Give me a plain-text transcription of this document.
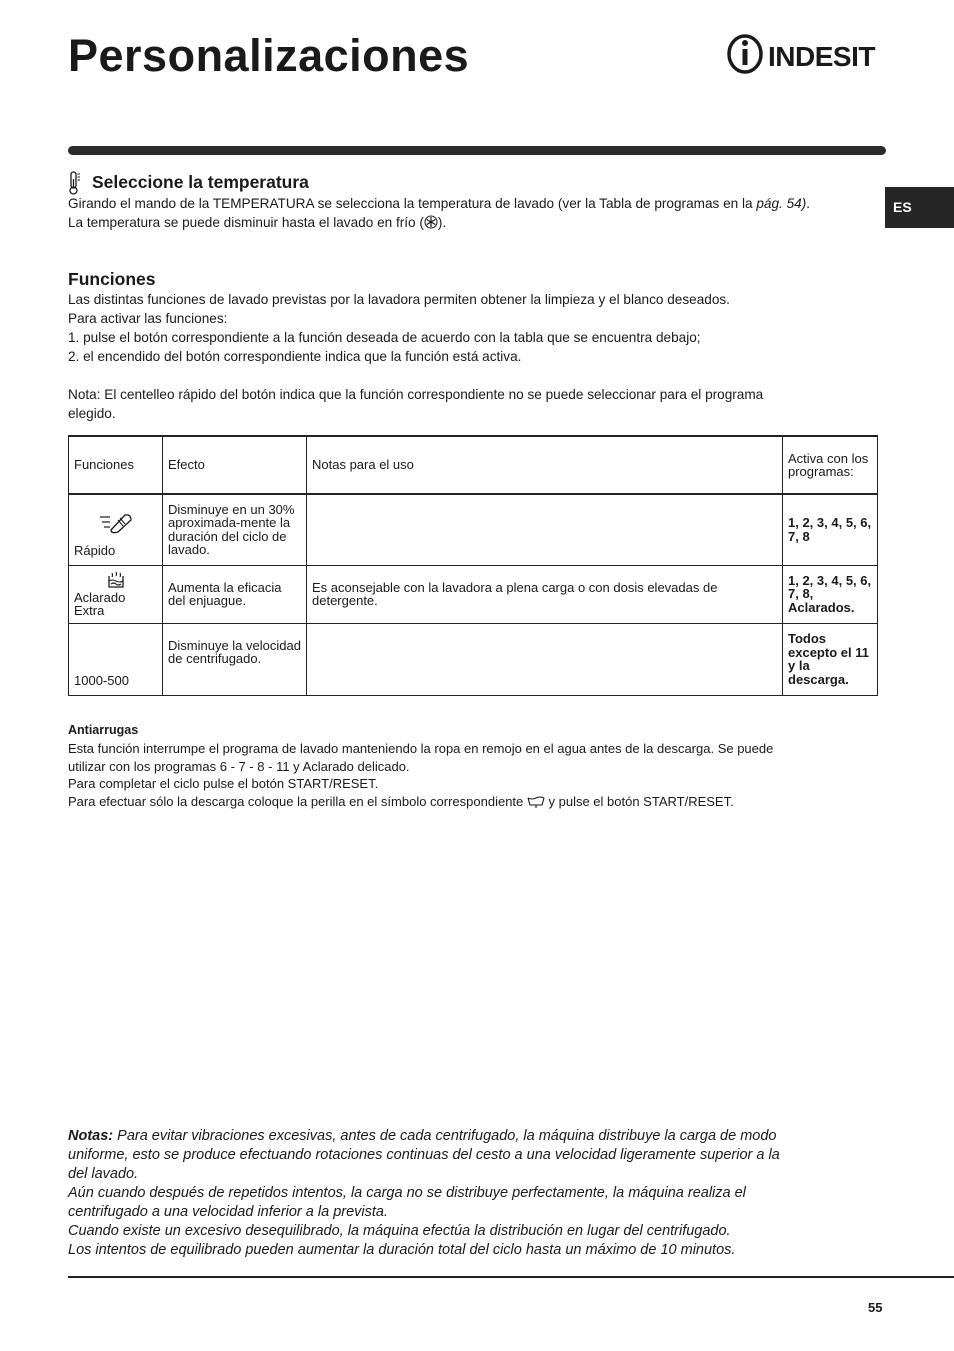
Personalizaciones	INDESIT
ES
Seleccione la temperatura
Girando el mando de la TEMPERATURA se selecciona la temperatura de lavado (ver la Tabla de programas en la pág. 54).
La temperatura se puede disminuir hasta el lavado en frío ( ).
Funciones
Las distintas funciones de lavado previstas por la lavadora permiten obtener la limpieza y el blanco deseados.
Para activar las funciones:
1. pulse el botón correspondiente a la función deseada de acuerdo con la tabla que se encuentra debajo;
2. el encendido del botón correspondiente indica que la función está activa.
Nota: El centelleo rápido del botón indica que la función correspondiente no se puede seleccionar para el programa
elegido.
Funciones	Efecto	Notas para el uso	Activa con los programas:

Rápido	Disminuye en un 30% aproximada-mente la duración del ciclo de lavado.		1, 2, 3, 4, 5, 6, 7, 8

Aclarado Extra	Aumenta la eficacia del enjuague.	Es aconsejable con la lavadora a plena carga o con dosis elevadas de detergente.	1, 2, 3, 4, 5, 6, 7, 8, Aclarados.

1000-500	Disminuye la velocidad de centrifugado.		Todos excepto el 11 y la descarga.
Antiarrugas
Esta función interrumpe el programa de lavado manteniendo la ropa en remojo en el agua antes de la descarga. Se puede
utilizar con los programas 6 - 7 - 8 - 11 y Aclarado delicado.
Para completar el ciclo pulse el botón START/RESET.
Para efectuar sólo la descarga coloque la perilla en el símbolo correspondiente  y pulse el botón START/RESET.
Notas: Para evitar vibraciones excesivas, antes de cada centrifugado, la máquina distribuye la carga de modo
uniforme, esto se produce efectuando rotaciones continuas del cesto a una velocidad ligeramente superior a la
del lavado.
Aún cuando después de repetidos intentos, la carga no se distribuye perfectamente, la máquina realiza el
centrifugado a una velocidad inferior a la prevista.
Cuando existe un excesivo desequilibrado, la máquina efectúa la distribución en lugar del centrifugado.
Los intentos de equilibrado pueden aumentar la duración total del ciclo hasta un máximo de 10 minutos.
55
